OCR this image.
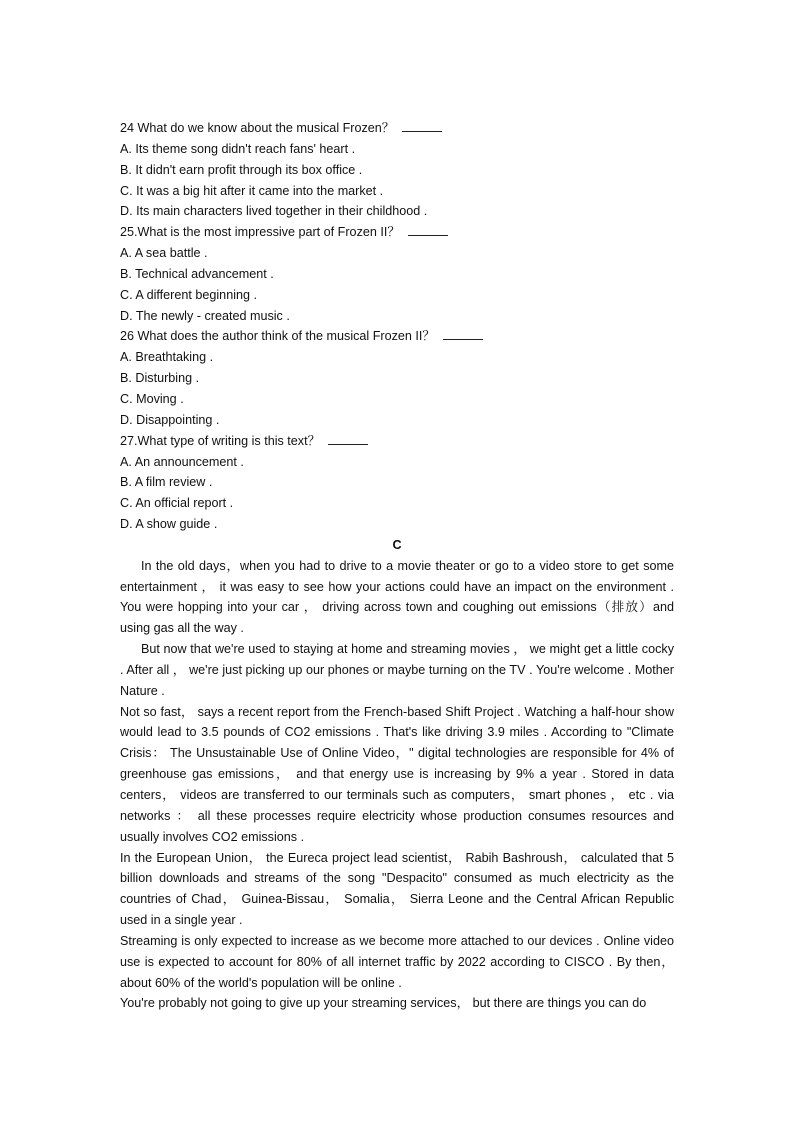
24 What do we know about the musical Frozen？
A. Its theme song didn't reach fans' heart .
B. It didn't earn profit through its box office .
C. It was a big hit after it came into the market .
D. Its main characters lived together in their childhood .
25.What is the most impressive part of Frozen II？
A. A sea battle .
B. Technical advancement .
C. A different beginning .
D. The newly - created music .
26 What does the author think of the musical Frozen II？
A. Breathtaking .
B. Disturbing .
C. Moving .
D. Disappointing .
27.What type of writing is this text？
A. An announcement .
B. A film review .
C. An official report .
D. A show guide .
C

In the old days，when you had to drive to a movie theater or go to a video store to get some entertainment ， it was easy to see how your actions could have an impact on the environment . You were hopping into your car ， driving across town and coughing out emissions（排放）and using gas all the way .

But now that we're used to staying at home and streaming movies ， we might get a little cocky . After all ， we're just picking up our phones or maybe turning on the TV . You're welcome . Mother Nature .

Not so fast， says a recent report from the French-based Shift Project . Watching a half-hour show would lead to 3.5 pounds of CO2 emissions . That's like driving 3.9 miles . According to "Climate Crisis： The Unsustainable Use of Online Video，" digital technologies are responsible for 4% of greenhouse gas emissions， and that energy use is increasing by 9% a year . Stored in data centers， videos are transferred to our terminals such as computers， smart phones ， etc . via networks ： all these processes require electricity whose production consumes resources and usually involves CO2 emissions .

In the European Union， the Eureca project lead scientist， Rabih Bashroush， calculated that 5 billion downloads and streams of the song "Despacito" consumed as much electricity as the countries of Chad， Guinea-Bissau， Somalia， Sierra Leone and the Central African Republic used in a single year .

Streaming is only expected to increase as we become more attached to our devices . Online video use is expected to account for 80% of all internet traffic by 2022 according to CISCO . By then， about 60% of the world's population will be online .

You're probably not going to give up your streaming services， but there are things you can do
